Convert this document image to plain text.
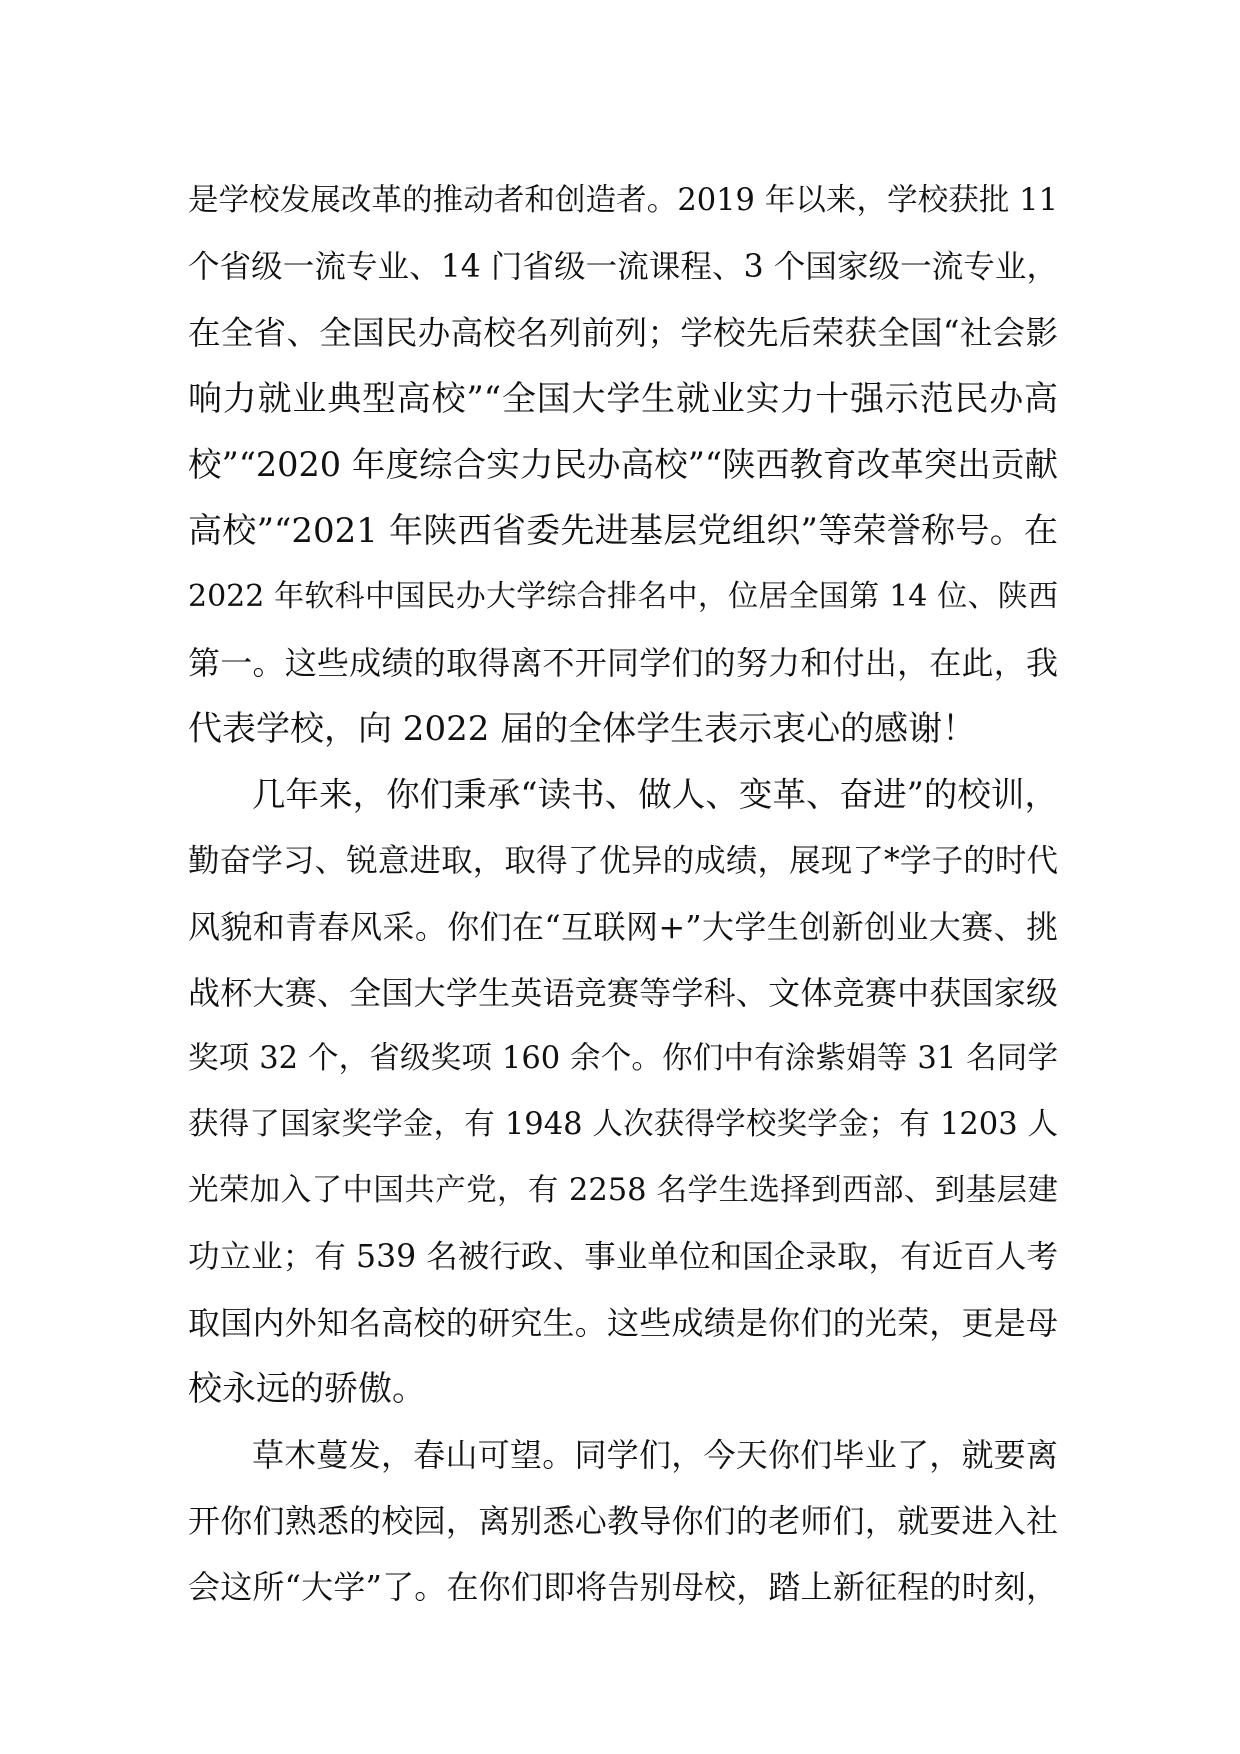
是学校发展改革的推动者和创造者。2019 年以来，学校获批 11
个省级一流专业、14 门省级一流课程、3 个国家级一流专业，
在全省、全国民办高校名列前列；学校先后荣获全国“社会影
响力就业典型高校”“全国大学生就业实力十强示范民办高
校”“2020 年度综合实力民办高校”“陕西教育改革突出贡献
高校”“2021 年陕西省委先进基层党组织”等荣誉称号。在
2022 年软科中国民办大学综合排名中，位居全国第 14 位、陕西
第一。这些成绩的取得离不开同学们的努力和付出，在此，我
代表学校，向 2022 届的全体学生表示衷心的感谢！
几年来，你们秉承“读书、做人、变革、奋进”的校训，
勤奋学习、锐意进取，取得了优异的成绩，展现了*学子的时代
风貌和青春风采。你们在“互联网+”大学生创新创业大赛、挑
战杯大赛、全国大学生英语竞赛等学科、文体竞赛中获国家级
奖项 32 个，省级奖项 160 余个。你们中有涂紫娟等 31 名同学
获得了国家奖学金，有 1948 人次获得学校奖学金；有 1203 人
光荣加入了中国共产党，有 2258 名学生选择到西部、到基层建
功立业；有 539 名被行政、事业单位和国企录取，有近百人考
取国内外知名高校的研究生。这些成绩是你们的光荣，更是母
校永远的骄傲。
草木蔓发，春山可望。同学们，今天你们毕业了，就要离
开你们熟悉的校园，离别悉心教导你们的老师们，就要进入社
会这所“大学”了。在你们即将告别母校，踏上新征程的时刻，
